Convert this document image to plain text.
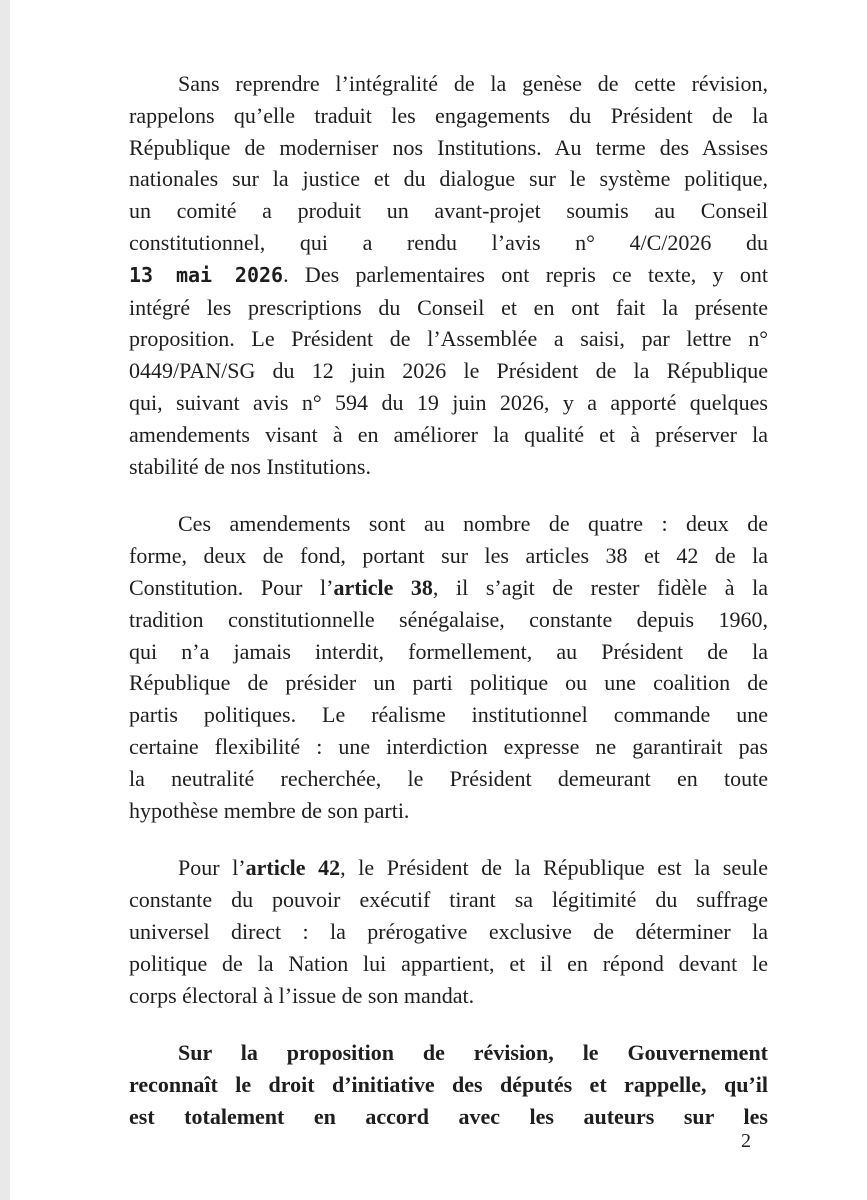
Sans reprendre l’intégralité de la genèse de cette révision,
rappelons qu’elle traduit les engagements du Président de la
République de moderniser nos Institutions. Au terme des Assises
nationales sur la justice et du dialogue sur le système politique,
un comité a produit un avant-projet soumis au Conseil
constitutionnel, qui a rendu l’avis n° 4/C/2026 du
13 mai 2026. Des parlementaires ont repris ce texte, y ont
intégré les prescriptions du Conseil et en ont fait la présente
proposition. Le Président de l’Assemblée a saisi, par lettre n°
0449/PAN/SG du 12 juin 2026 le Président de la République
qui, suivant avis n° 594 du 19 juin 2026, y a apporté quelques
amendements visant à en améliorer la qualité et à préserver la
stabilité de nos Institutions.
Ces amendements sont au nombre de quatre : deux de
forme, deux de fond, portant sur les articles 38 et 42 de la
Constitution. Pour l’article 38, il s’agit de rester fidèle à la
tradition constitutionnelle sénégalaise, constante depuis 1960,
qui n’a jamais interdit, formellement, au Président de la
République de présider un parti politique ou une coalition de
partis politiques. Le réalisme institutionnel commande une
certaine flexibilité : une interdiction expresse ne garantirait pas
la neutralité recherchée, le Président demeurant en toute
hypothèse membre de son parti.
Pour l’article 42, le Président de la République est la seule
constante du pouvoir exécutif tirant sa légitimité du suffrage
universel direct : la prérogative exclusive de déterminer la
politique de la Nation lui appartient, et il en répond devant le
corps électoral à l’issue de son mandat.
Sur la proposition de révision, le Gouvernement
reconnaît le droit d’initiative des députés et rappelle, qu’il
est totalement en accord avec les auteurs sur les
2
